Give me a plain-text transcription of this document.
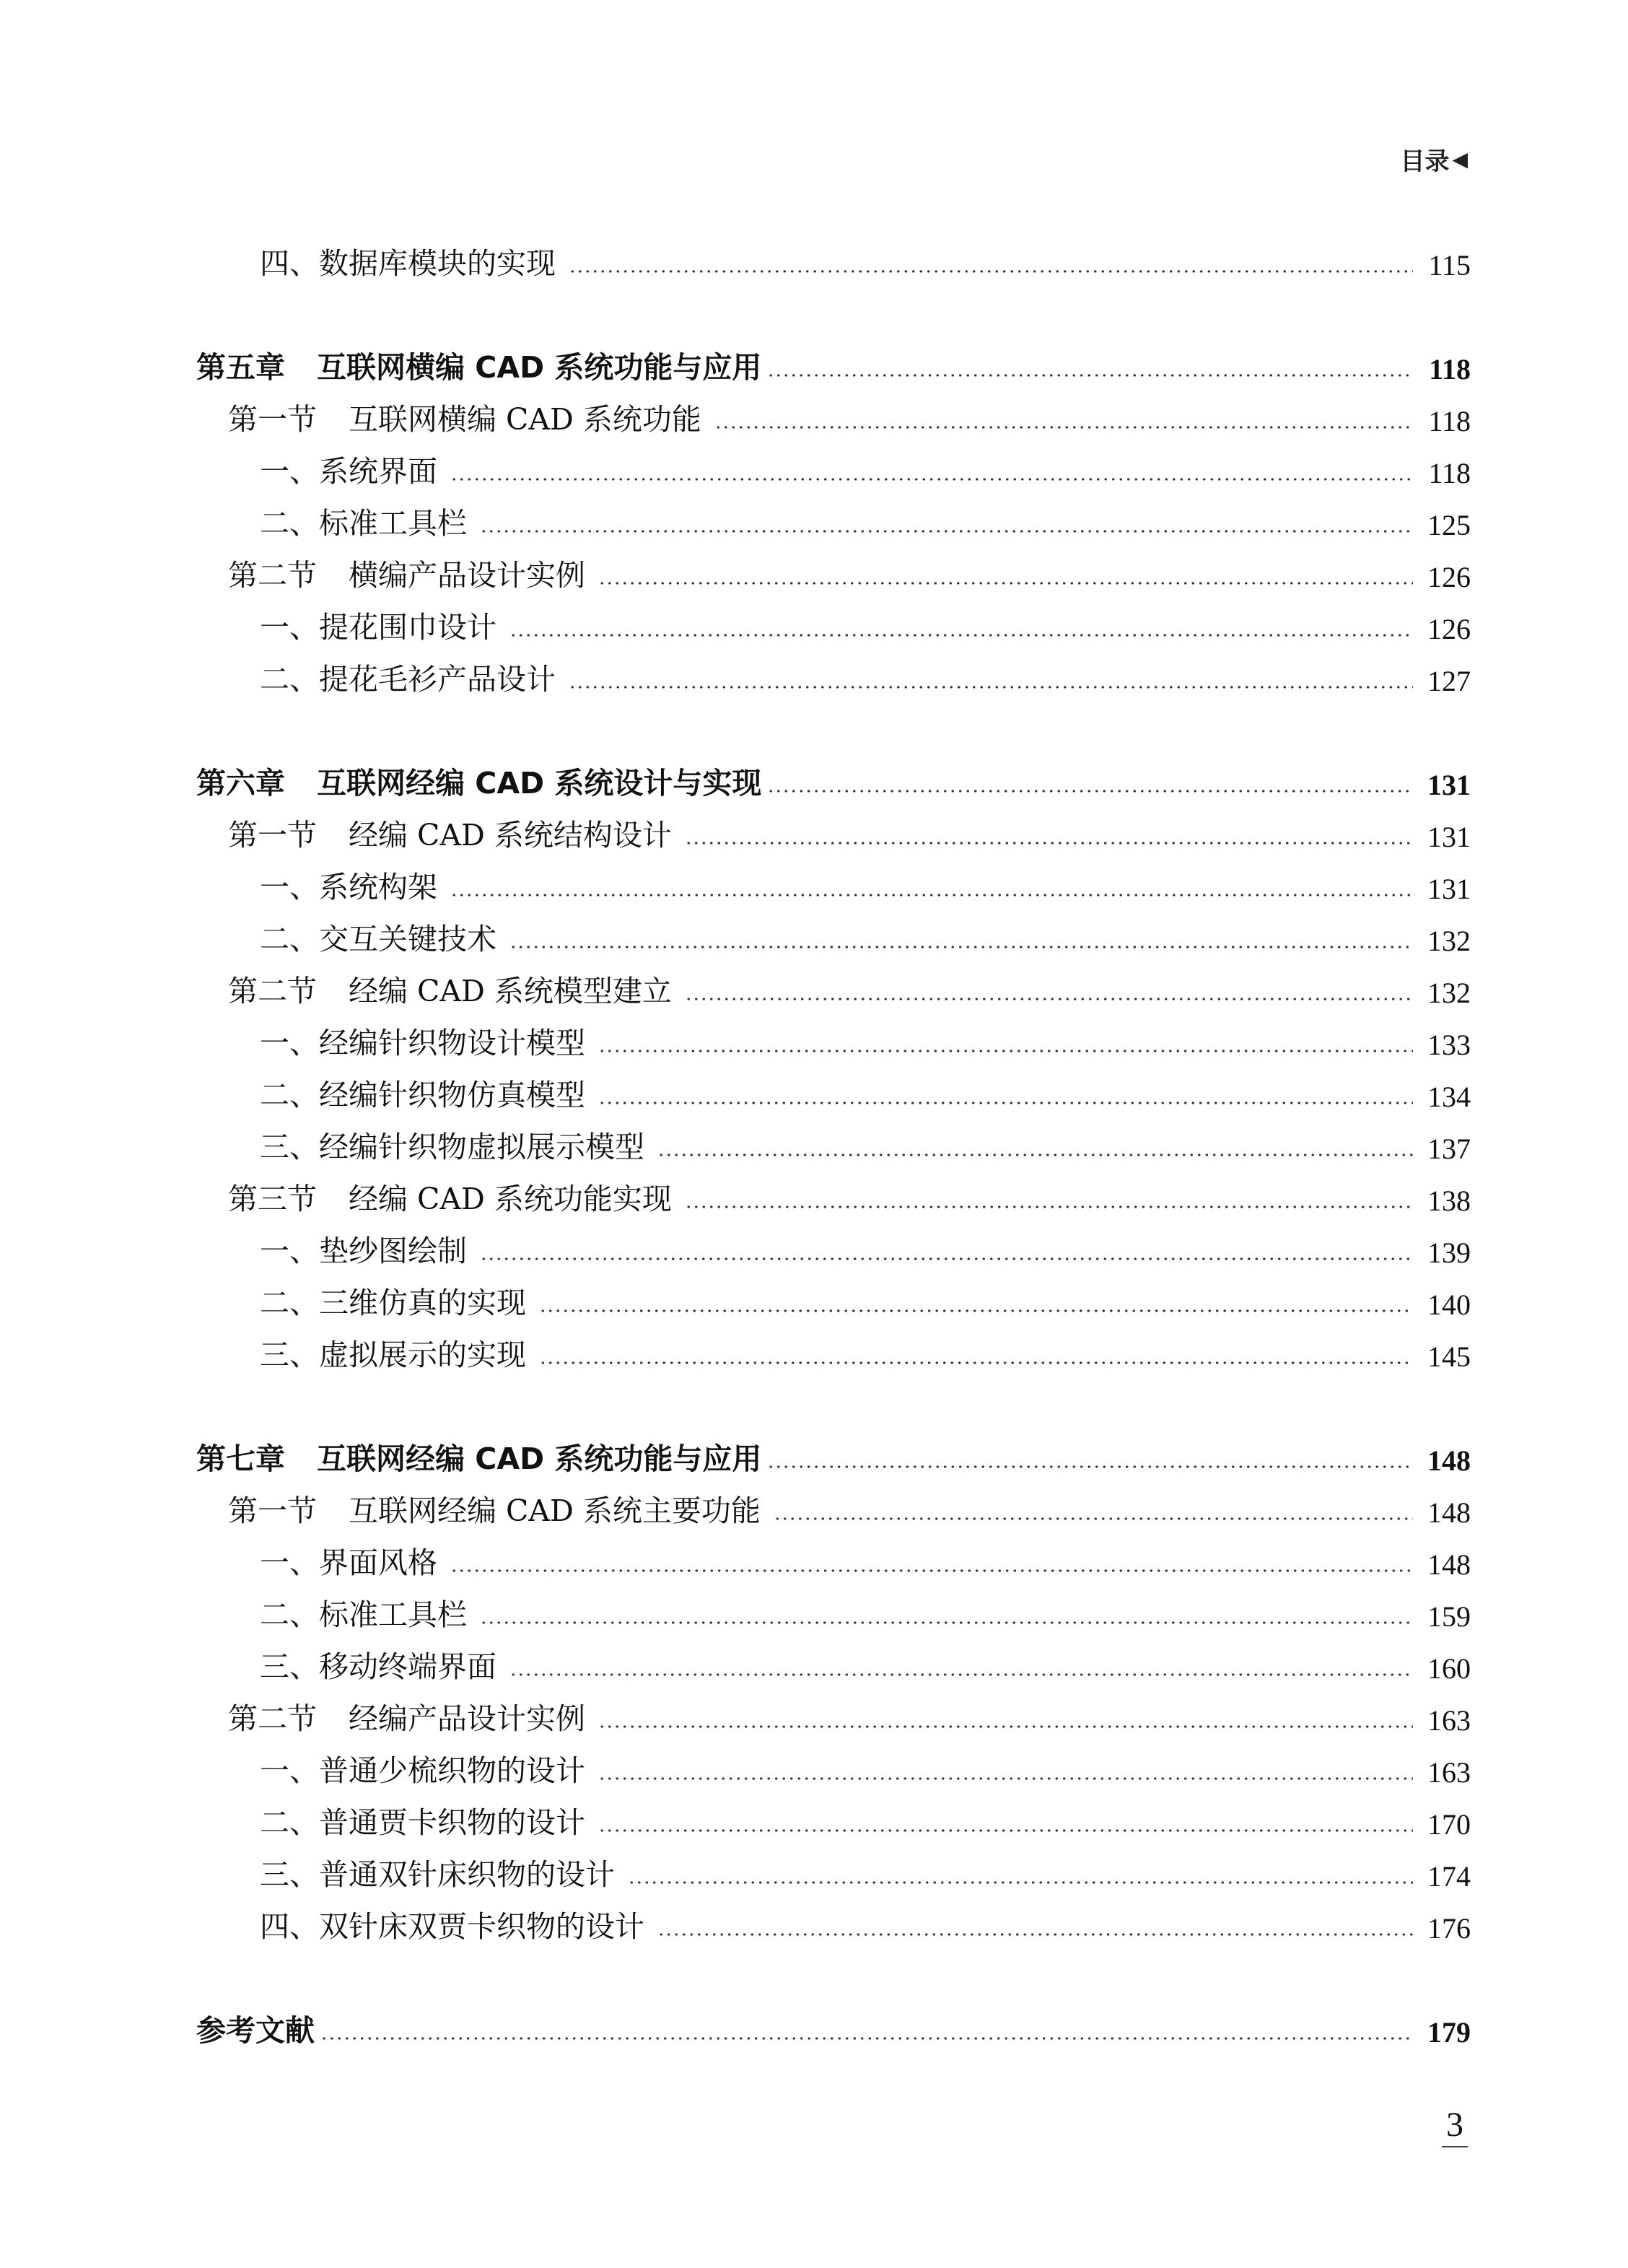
目录 ◀
四、 数据库模块的实现	115
第五章 互联网横编 CAD 系统功能与应用	118
第一节 互联网横编 CAD 系统功能	118
一、 系统界面	118
二、 标准工具栏	125
第二节 横编产品设计实例	126
一、 提花围巾设计	126
二、 提花毛衫产品设计	127
第六章 互联网经编 CAD 系统设计与实现	131
第一节 经编 CAD 系统结构设计	131
一、 系统构架	131
二、 交互关键技术	132
第二节 经编 CAD 系统模型建立	132
一、 经编针织物设计模型	133
二、 经编针织物仿真模型	134
三、 经编针织物虚拟展示模型	137
第三节 经编 CAD 系统功能实现	138
一、 垫纱图绘制	139
二、 三维仿真的实现	140
三、 虚拟展示的实现	145
第七章 互联网经编 CAD 系统功能与应用	148
第一节 互联网经编 CAD 系统主要功能	148
一、 界面风格	148
二、 标准工具栏	159
三、 移动终端界面	160
第二节 经编产品设计实例	163
一、 普通少梳织物的设计	163
二、 普通贾卡织物的设计	170
三、 普通双针床织物的设计	174
四、 双针床双贾卡织物的设计	176
参考文献	179
3
